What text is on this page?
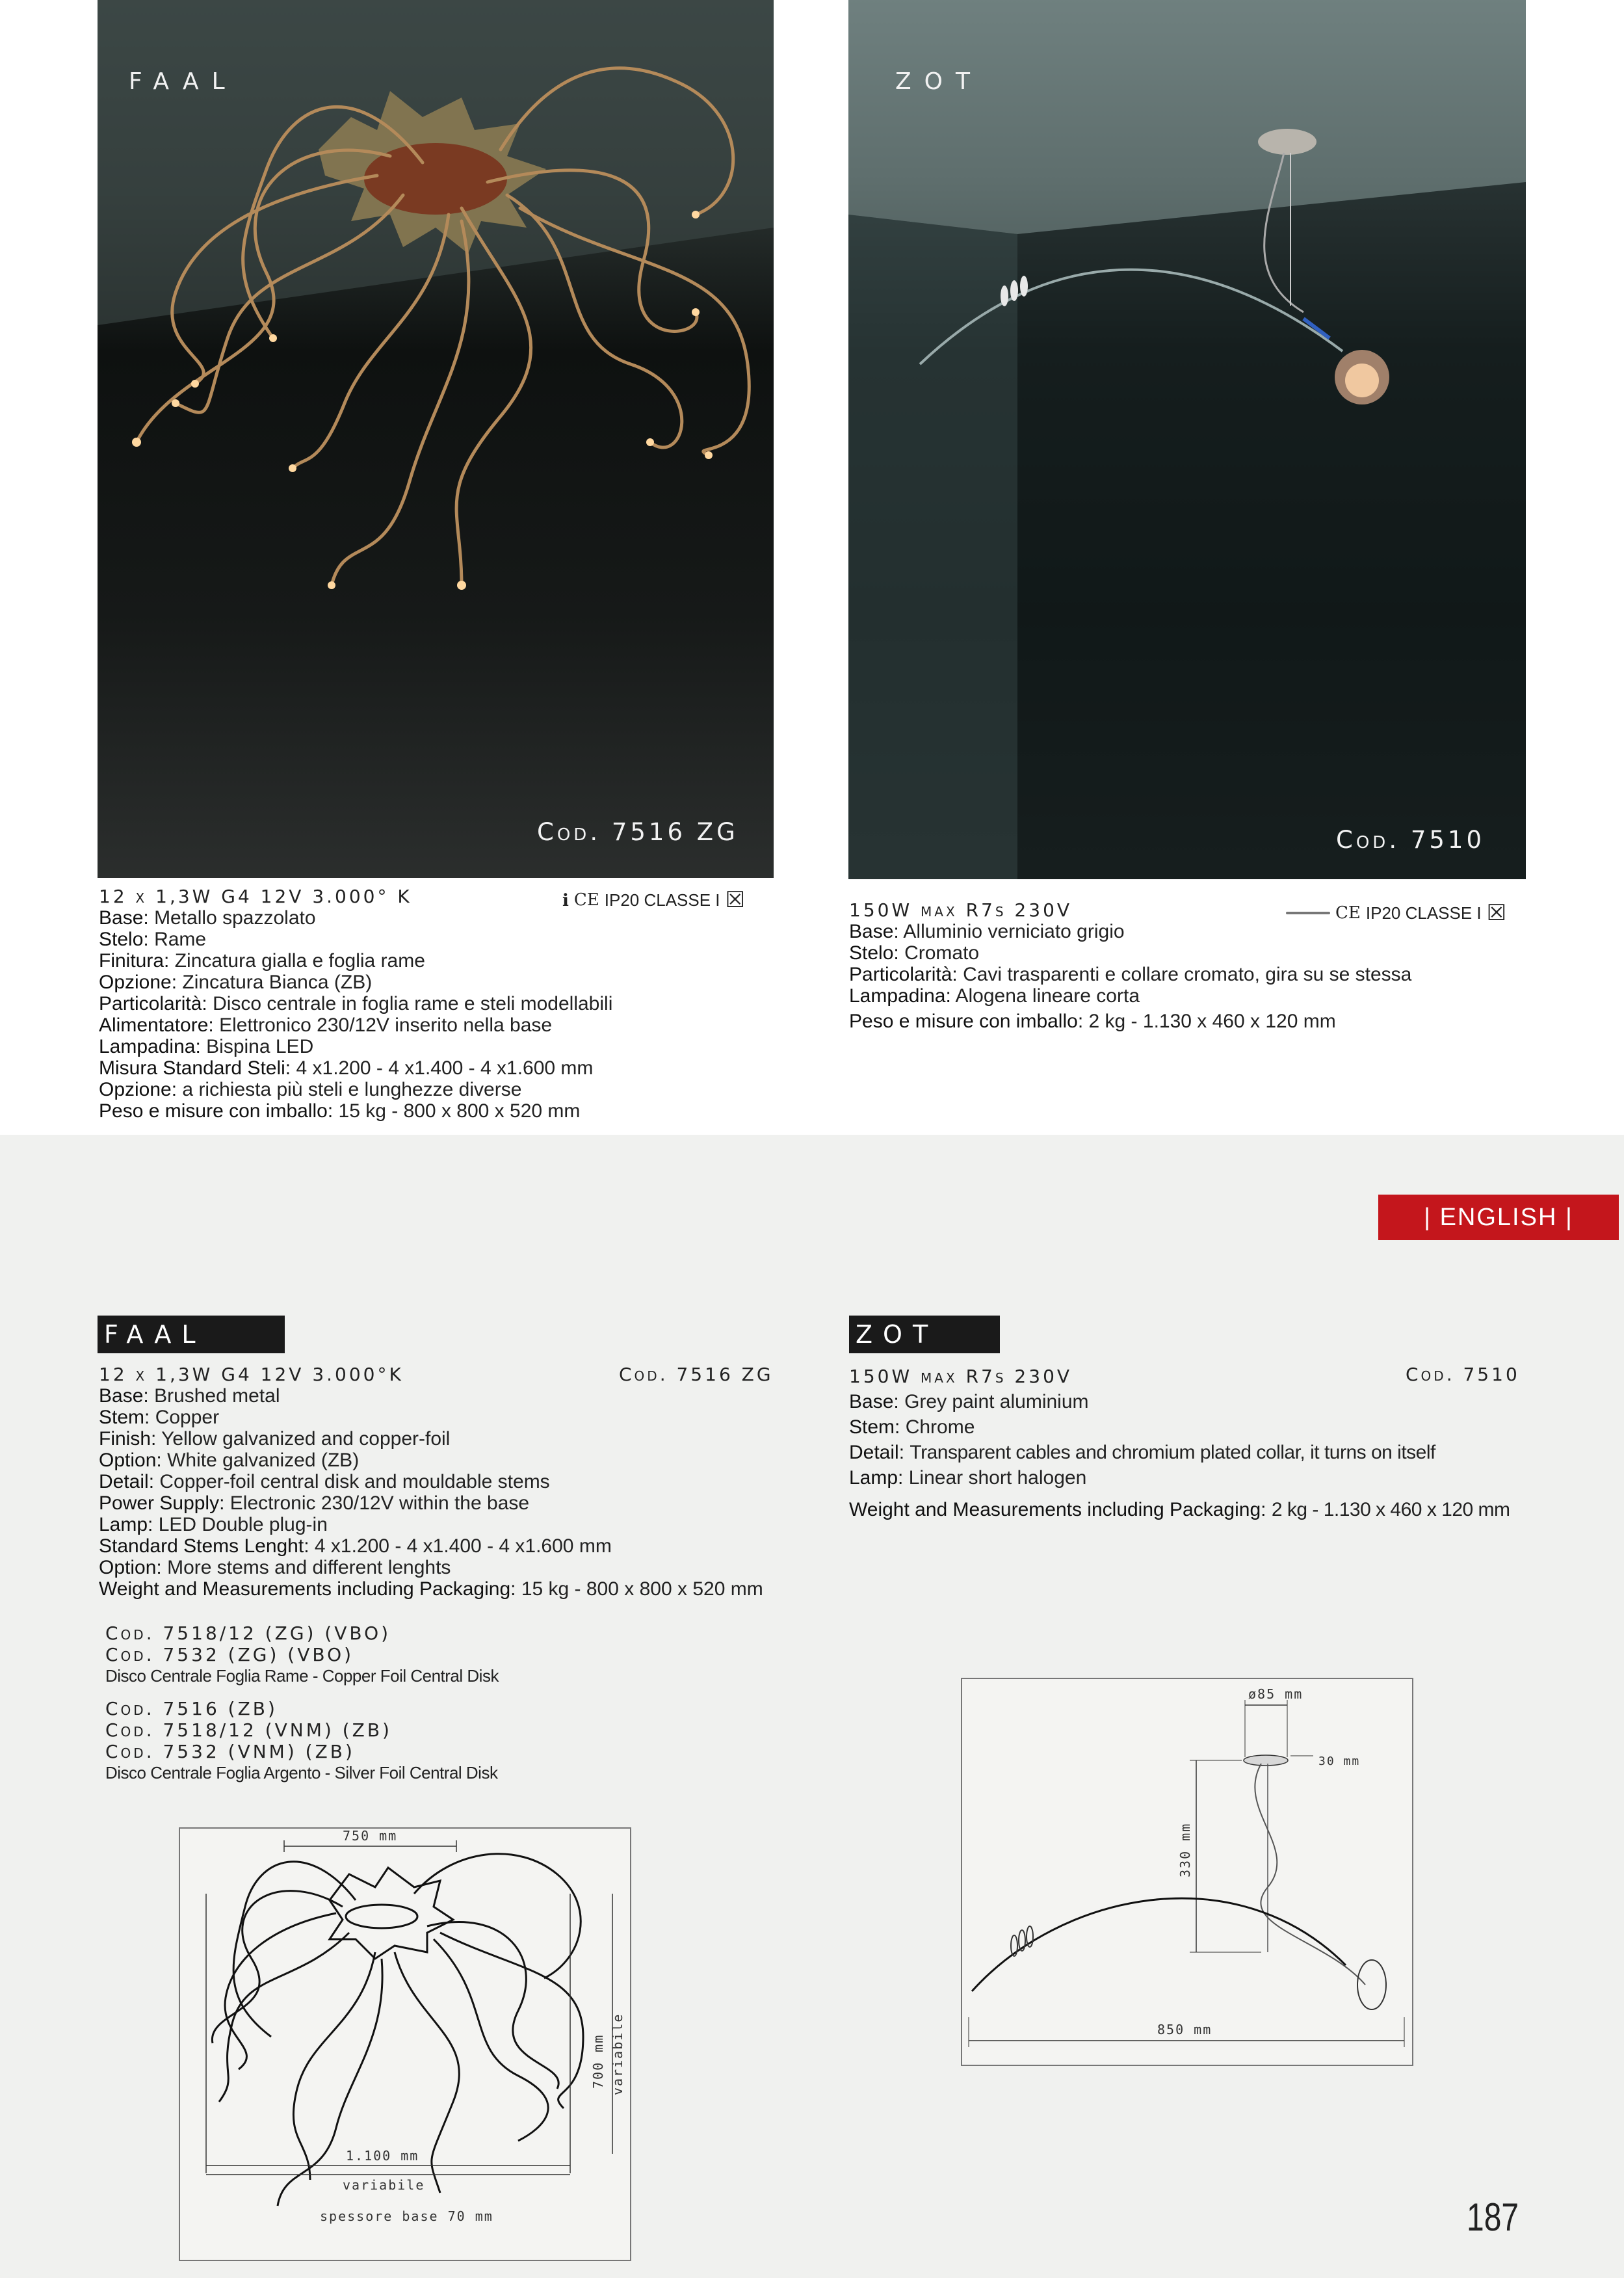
FAAL
Cod. 7516 ZG
ZOT
Cod. 7510
12 x 1,3W G4 12V 3.000° K
Base: Metallo spazzolato
Stelo: Rame
Finitura: Zincatura gialla e foglia rame
Opzione: Zincatura Bianca (ZB)
Particolarità: Disco centrale in foglia rame e steli modellabili
Alimentatore: Elettronico 230/12V inserito nella base
Lampadina: Bispina LED
Misura Standard Steli: 4 x1.200 - 4 x1.400 - 4 x1.600 mm
Opzione: a richiesta più steli e lunghezze diverse
Peso e misure con imballo: 15 kg - 800 x 800 x 520 mm
ℹ CE IP20 CLASSE I ☒	150W max R7s 230V
Base: Alluminio verniciato grigio
Stelo: Cromato
Particolarità: Cavi trasparenti e collare cromato, gira su se stessa
Lampadina: Alogena lineare corta
Peso e misure con imballo: 2 kg - 1.130 x 460 x 120 mm
CE IP20 CLASSE I ☒
| ENGLISH |
FAAL
12 x 1,3W G4 12V 3.000°K
Base: Brushed metal
Stem: Copper
Finish: Yellow galvanized and copper-foil
Option: White galvanized (ZB)
Detail: Copper-foil central disk and mouldable stems
Power Supply: Electronic 230/12V within the base
Lamp: LED Double plug-in
Standard Stems Lenght: 4 x1.200 - 4 x1.400 - 4 x1.600 mm
Option: More stems and different lenghts
Weight and Measurements including Packaging: 15 kg - 800 x 800 x 520 mm
Cod. 7516 ZG
Cod. 7518/12 (ZG) (VBO)
Cod. 7532 (ZG) (VBO)
Disco Centrale Foglia Rame - Copper Foil Central Disk
Cod. 7516 (ZB)
Cod. 7518/12 (VNM) (ZB)
Cod. 7532 (VNM) (ZB)
Disco Centrale Foglia Argento - Silver Foil Central Disk
750 mm
700 mm variabile
1.100 mm
variabile
spessore base 70 mm
ZOT
150W max R7s 230V
Base: Grey paint aluminium
Stem: Chrome
Detail: Transparent cables and chromium plated collar, it turns on itself
Lamp: Linear short halogen
Weight and Measurements including Packaging: 2 kg - 1.130 x 460 x 120 mm
Cod. 7510
ø85 mm
30 mm
330 mm
850 mm
187
